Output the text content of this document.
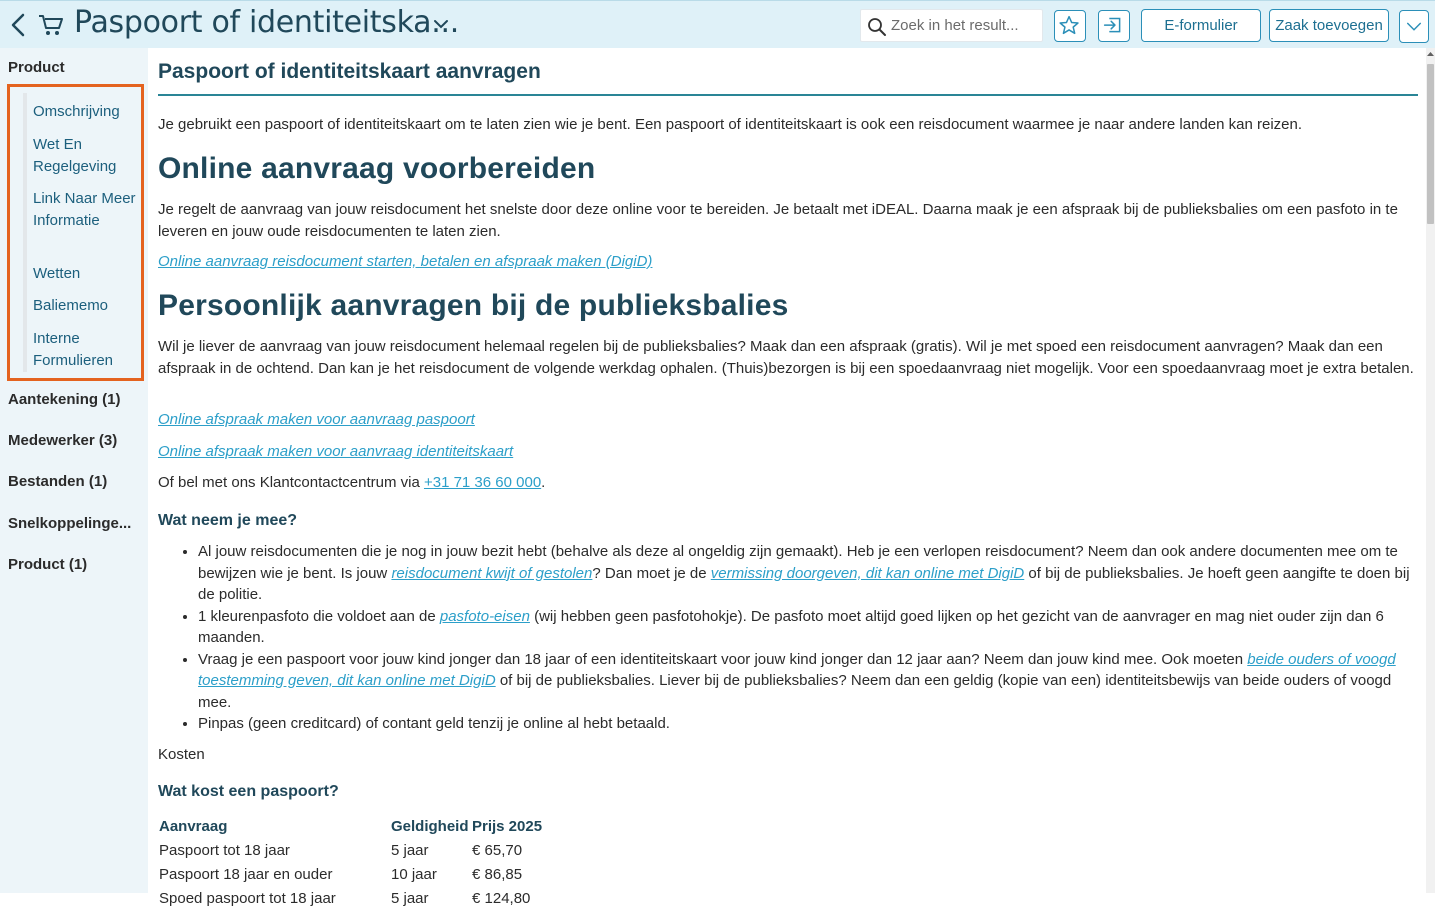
Paspoort of identiteitska...
Zoek in het result...	E-formulier	Zaak toevoegen
Product
Omschrijving
Wet En Regelgeving
Link Naar Meer Informatie
Wetten
Baliememo
Interne Formulieren
Aantekening (1)
Medewerker (3)
Bestanden (1)
Snelkoppelinge...
Product (1)
Paspoort of identiteitskaart aanvragen
Je gebruikt een paspoort of identiteitskaart om te laten zien wie je bent. Een paspoort of identiteitskaart is ook een reisdocument waarmee je naar andere landen kan reizen.
Online aanvraag voorbereiden
Je regelt de aanvraag van jouw reisdocument het snelste door deze online voor te bereiden. Je betaalt met iDEAL. Daarna maak je een afspraak bij de publieksbalies om een pasfoto in te leveren en jouw oude reisdocumenten te laten zien.
Online aanvraag reisdocument starten, betalen en afspraak maken (DigiD)
Persoonlijk aanvragen bij de publieksbalies
Wil je liever de aanvraag van jouw reisdocument helemaal regelen bij de publieksbalies? Maak dan een afspraak (gratis). Wil je met spoed een reisdocument aanvragen? Maak dan een afspraak in de ochtend. Dan kan je het reisdocument de volgende werkdag ophalen. (Thuis)bezorgen is bij een spoedaanvraag niet mogelijk. Voor een spoedaanvraag moet je extra betalen.
Online afspraak maken voor aanvraag paspoort
Online afspraak maken voor aanvraag identiteitskaart
Of bel met ons Klantcontactcentrum via +31 71 36 60 000.
Wat neem je mee?
• Al jouw reisdocumenten die je nog in jouw bezit hebt (behalve als deze al ongeldig zijn gemaakt). Heb je een verlopen reisdocument? Neem dan ook andere documenten mee om te bewijzen wie je bent. Is jouw reisdocument kwijt of gestolen? Dan moet je de vermissing doorgeven, dit kan online met DigiD of bij de publieksbalies. Je hoeft geen aangifte te doen bij de politie.
• 1 kleurenpasfoto die voldoet aan de pasfoto-eisen (wij hebben geen pasfotohokje). De pasfoto moet altijd goed lijken op het gezicht van de aanvrager en mag niet ouder zijn dan 6 maanden.
• Vraag je een paspoort voor jouw kind jonger dan 18 jaar of een identiteitskaart voor jouw kind jonger dan 12 jaar aan? Neem dan jouw kind mee. Ook moeten beide ouders of voogd toestemming geven, dit kan online met DigiD of bij de publieksbalies. Liever bij de publieksbalies? Neem dan een geldig (kopie van een) identiteitsbewijs van beide ouders of voogd mee.
• Pinpas (geen creditcard) of contant geld tenzij je online al hebt betaald.
Kosten
Wat kost een paspoort?
Aanvraag	Geldigheid	Prijs 2025
Paspoort tot 18 jaar	5 jaar	€ 65,70
Paspoort 18 jaar en ouder	10 jaar	€ 86,85
Spoed paspoort tot 18 jaar	5 jaar	€ 124,80
